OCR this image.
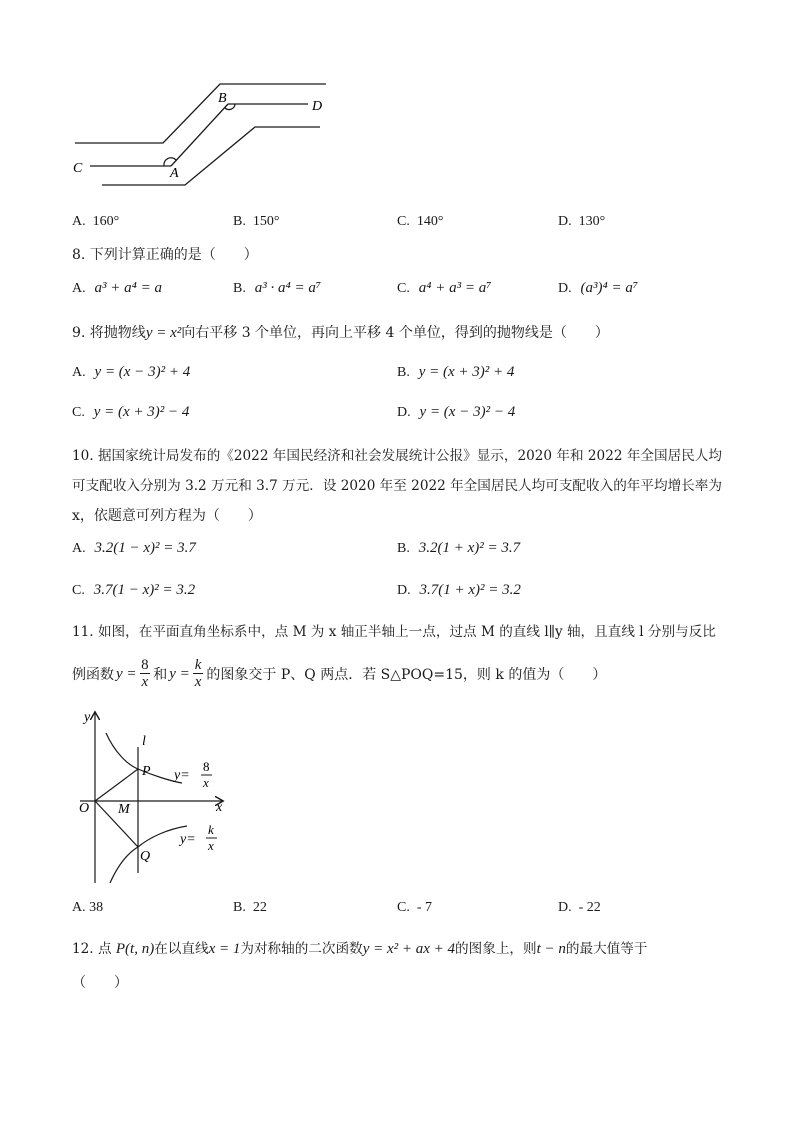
B
D
C	A
A. 160°	B. 150°	C. 140°	D. 130°
8. 下列计算正确的是（　　）
A. a³ + a⁴ = a	B. a³ · a⁴ = a⁷	C. a⁴ + a³ = a⁷	D. (a³)⁴ = a⁷
9. 将抛物线y = x²向右平移 3 个单位，再向上平移 4 个单位，得到的抛物线是（　　）
A. y = (x − 3)² + 4	B. y = (x + 3)² + 4
C. y = (x + 3)² − 4	D. y = (x − 3)² − 4
10. 据国家统计局发布的《2022 年国民经济和社会发展统计公报》显示，2020 年和 2022 年全国居民人均
可支配收入分别为 3.2 万元和 3.7 万元．设 2020 年至 2022 年全国居民人均可支配收入的年平均增长率为
x，依题意可列方程为（　　）
A. 3.2(1 − x)² = 3.7	B. 3.2(1 + x)² = 3.7
C. 3.7(1 − x)² = 3.2	D. 3.7(1 + x)² = 3.2
11. 如图，在平面直角坐标系中，点 M 为 x 轴正半轴上一点，过点 M 的直线 l∥y 轴，且直线 l 分别与反比
例函数 $y = \frac{8}{x}$ 和 $y = \frac{k}{x}$ 的图象交于 P、Q 两点．若 S△POQ=15，则 k 的值为（　　）
y
l
P
O M	x
Q
y=
8
x
y=
k
x
A. 38	B. 22	C. - 7	D. - 22
12. 点 P(t, n)在以直线x = 1为对称轴的二次函数y = x² + ax + 4的图象上，则t − n的最大值等于
（　　）
